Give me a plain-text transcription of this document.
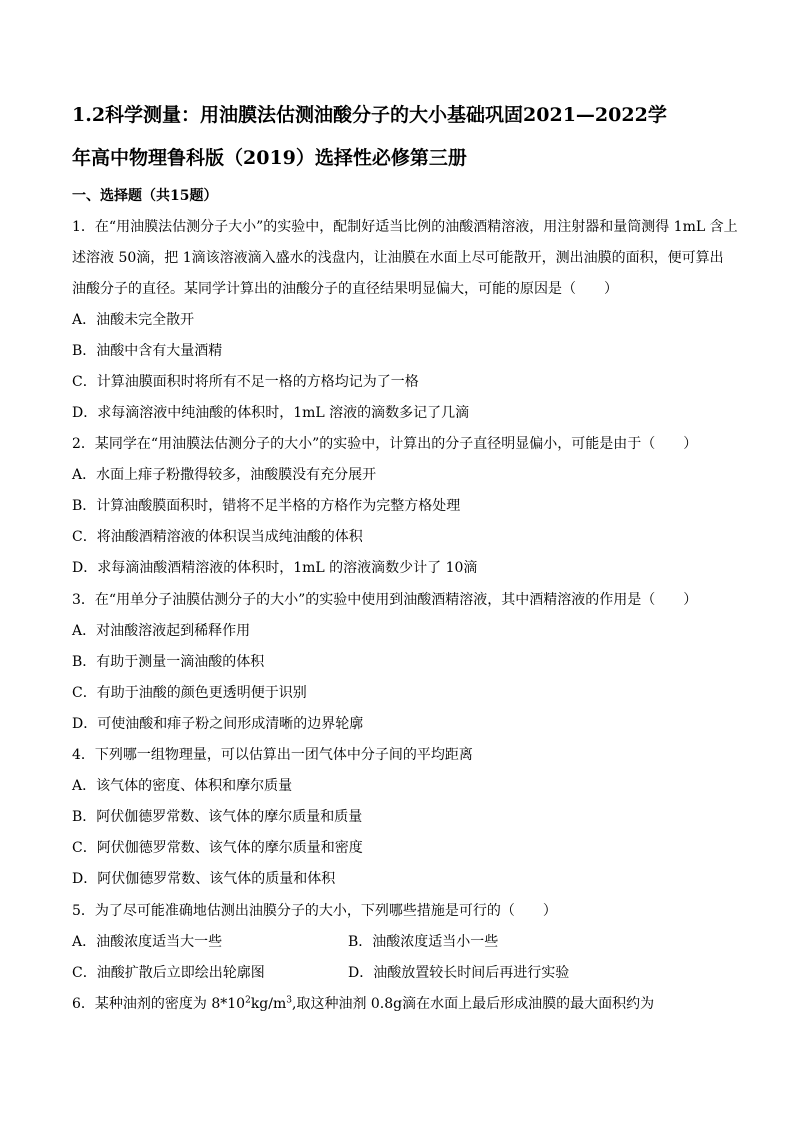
1.2科学测量：用油膜法估测油酸分子的大小基础巩固2021—2022学
年高中物理鲁科版（2019）选择性必修第三册
一、选择题（共15题）
1．在“用油膜法估测分子大小”的实验中，配制好适当比例的油酸酒精溶液，用注射器和量筒测得 1mL 含上
述溶液 50滴，把 1滴该溶液滴入盛水的浅盘内，让油膜在水面上尽可能散开，测出油膜的面积，便可算出
油酸分子的直径。某同学计算出的油酸分子的直径结果明显偏大，可能的原因是（　　）
A．油酸未完全散开
B．油酸中含有大量酒精
C．计算油膜面积时将所有不足一格的方格均记为了一格
D．求每滴溶液中纯油酸的体积时，1mL 溶液的滴数多记了几滴
2．某同学在“用油膜法估测分子的大小”的实验中，计算出的分子直径明显偏小，可能是由于（　　）
A．水面上痱子粉撒得较多，油酸膜没有充分展开
B．计算油酸膜面积时，错将不足半格的方格作为完整方格处理
C．将油酸酒精溶液的体积误当成纯油酸的体积
D．求每滴油酸酒精溶液的体积时，1mL 的溶液滴数少计了 10滴
3．在“用单分子油膜估测分子的大小”的实验中使用到油酸酒精溶液，其中酒精溶液的作用是（　　）
A．对油酸溶液起到稀释作用
B．有助于测量一滴油酸的体积
C．有助于油酸的颜色更透明便于识别
D．可使油酸和痱子粉之间形成清晰的边界轮廓
4．下列哪一组物理量，可以估算出一团气体中分子间的平均距离
A．该气体的密度、体积和摩尔质量
B．阿伏伽德罗常数、该气体的摩尔质量和质量
C．阿伏伽德罗常数、该气体的摩尔质量和密度
D．阿伏伽德罗常数、该气体的质量和体积
5．为了尽可能准确地估测出油膜分子的大小，下列哪些措施是可行的（　　）
A．油酸浓度适当大一些	B．油酸浓度适当小一些
C．油酸扩散后立即绘出轮廓图	D．油酸放置较长时间后再进行实验
6．某种油剂的密度为 $8*10^2kg/m^3$,取这种油剂 0.8g滴在水面上最后形成油膜的最大面积约为
